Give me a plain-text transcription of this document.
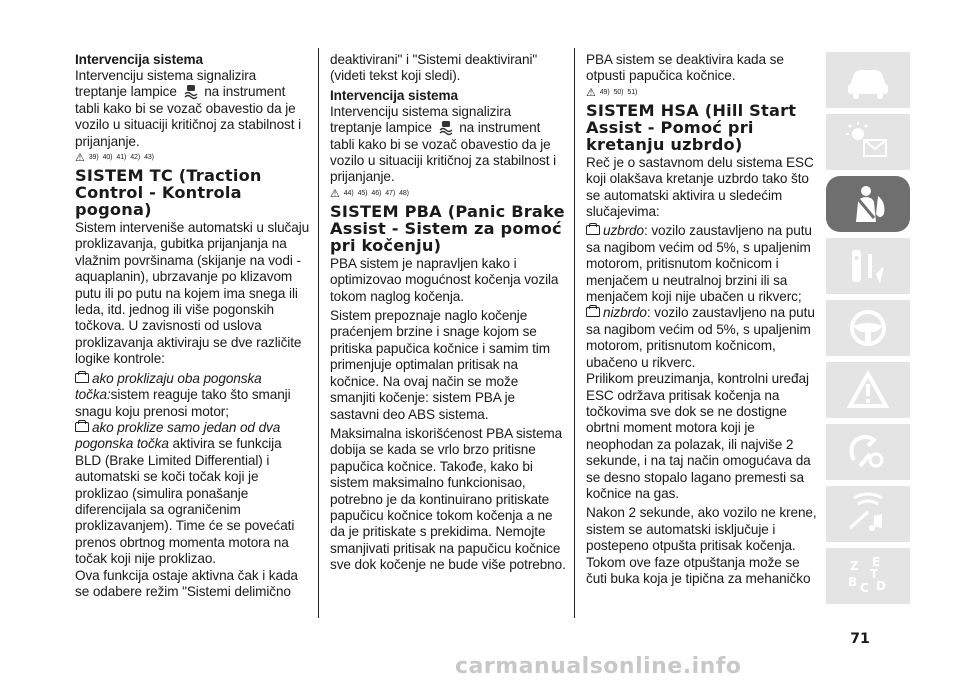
Intervencija sistema

Intervenciju sistema signalizira treptanje lampice na instrument tabli kako bi se vozač obavestio da je vozilo u situaciji kritičnoj za stabilnost i prijanjanje.

⚠ 39) 40) 41) 42) 43)
SISTEM TC (Traction Control - Kontrola pogona)

Sistem interveniše automatski u slučaju proklizavanja, gubitka prijanjanja na vlažnim površinama (skijanje na vodi - aquaplanin), ubrzavanje po klizavom putu ili po putu na kojem ima snega ili leda, itd. jednog ili više pogonskih točkova. U zavisnosti od uslova proklizavanja aktiviraju se dve različite logike kontrole:

ako proklizaju oba pogonska točka:sistem reaguje tako što smanji snagu koju prenosi motor;

ako proklize samo jedan od dva pogonska točka aktivira se funkcija BLD (Brake Limited Differential) i automatski se koči točak koji je proklizao (simulira ponašanje diferencijala sa ograničenim proklizavanjem). Time će se povećati prenos obrtnog momenta motora na točak koji nije proklizao.

Ova funkcija ostaje aktivna čak i kada se odabere režim "Sistemi delimično

deaktivirani" i "Sistemi deaktivirani" (videti tekst koji sledi).

Intervencija sistema

Intervenciju sistema signalizira treptanje lampice na instrument tabli kako bi se vozač obavestio da je vozilo u situaciji kritičnoj za stabilnost i prijanjanje.

⚠ 44) 45) 46) 47) 48)
SISTEM PBA (Panic Brake Assist - Sistem za pomoć pri kočenju)

PBA sistem je napravljen kako i optimizovao mogućnost kočenja vozila tokom naglog kočenja.

Sistem prepoznaje naglo kočenje praćenjem brzine i snage kojom se pritiska papučica kočnice i samim tim primenjuje optimalan pritisak na kočnice. Na ovaj način se može smanjiti kočenje: sistem PBA je sastavni deo ABS sistema.

Maksimalna iskorišćenost PBA sistema dobija se kada se vrlo brzo pritisne papučica kočnice. Takođe, kako bi sistem maksimalno funkcionisao, potrebno je da kontinuirano pritiskate papučicu kočnice tokom kočenja a ne da je pritiskate s prekidima. Nemojte smanjivati pritisak na papučicu kočnice sve dok kočenje ne bude više potrebno.

PBA sistem se deaktivira kada se otpusti papučica kočnice.

⚠ 49) 50) 51)
SISTEM HSA (Hill Start Assist - Pomoć pri kretanju uzbrdo)

Reč je o sastavnom delu sistema ESC koji olakšava kretanje uzbrdo tako što se automatski aktivira u sledećim slučajevima:

uzbrdo: vozilo zaustavljeno na putu sa nagibom većim od 5%, s upaljenim motorom, pritisnutom kočnicom i menjačem u neutralnoj brzini ili sa menjačem koji nije ubačen u rikverc;

nizbrdo: vozilo zaustavljeno na putu sa nagibom većim od 5%, s upaljenim motorom, pritisnutom kočnicom, ubačeno u rikverc.

Prilikom preuzimanja, kontrolni uređaj ESC održava pritisak kočenja na točkovima sve dok se ne dostigne obrtni moment motora koji je neophodan za polazak, ili najviše 2 sekunde, i na taj način omogućava da se desno stopalo lagano premesti sa kočnice na gas.

Nakon 2 sekunde, ako vozilo ne krene, sistem se automatski isključuje i postepeno otpušta pritisak kočenja. Tokom ove faze otpuštanja može se čuti buka koja je tipična za mehaničko

Z E
B C D
T
71
carmanualsonline.info
